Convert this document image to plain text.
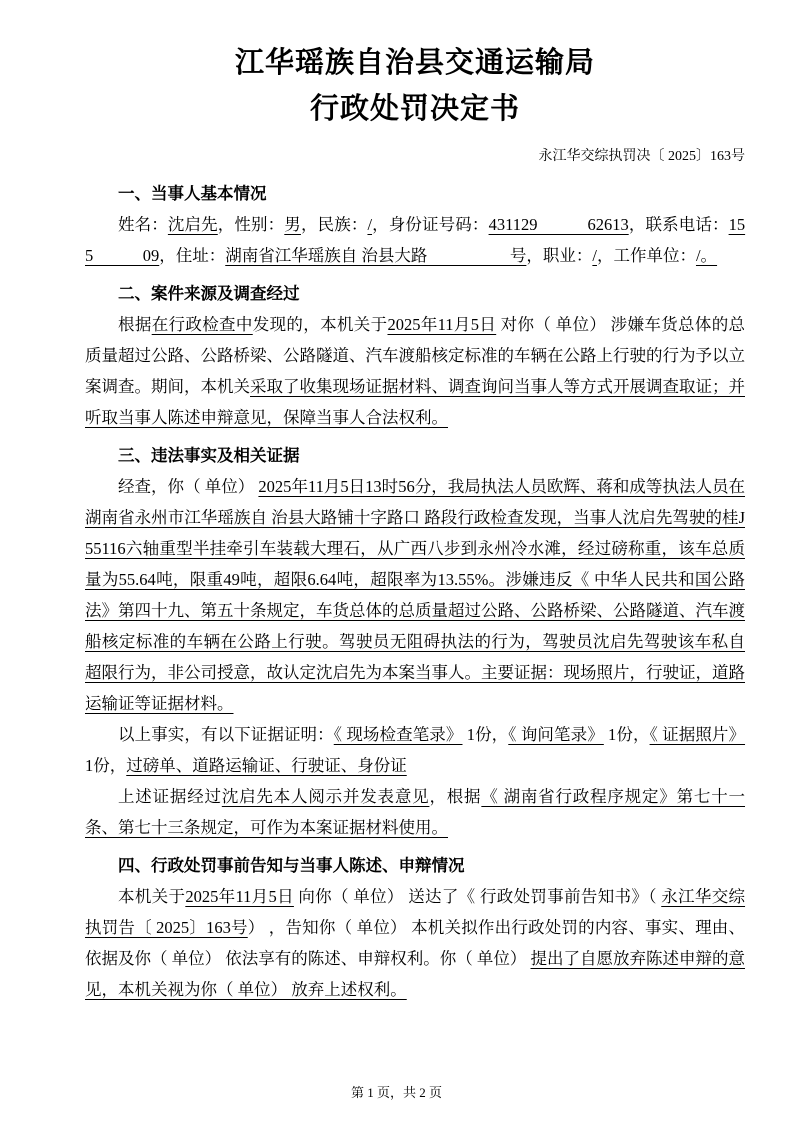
江华瑶族自治县交通运输局
行政处罚决定书
永江华交综执罚决〔 2025〕163号
一、当事人基本情况

姓名：沈启先，性别：男，民族：/，身份证号码：431129　　　62613，联系电话：155　　　09，住址：湖南省江华瑶族自 治县大路　　　　　号，职业：/，工作单位：/。

二、案件来源及调查经过

根据在行政检查中发现的，本机关于2025年11月5日 对你（ 单位） 涉嫌车货总体的总质量超过公路、公路桥梁、公路隧道、汽车渡船核定标准的车辆在公路上行驶的行为予以立案调查。期间，本机关采取了收集现场证据材料、调查询问当事人等方式开展调查取证；并听取当事人陈述申辩意见，保障当事人合法权利。

三、违法事实及相关证据

经查，你（ 单位） 2025年11月5日13时56分，我局执法人员欧辉、蒋和成等执法人员在湖南省永州市江华瑶族自 治县大路铺十字路口 路段行政检查发现，当事人沈启先驾驶的桂J55116六轴重型半挂牵引车装载大理石，从广西八步到永州冷水滩，经过磅称重，该车总质量为55.64吨，限重49吨，超限6.64吨，超限率为13.55%。涉嫌违反《 中华人民共和国公路法》第四十九、第五十条规定，车货总体的总质量超过公路、公路桥梁、公路隧道、汽车渡船核定标准的车辆在公路上行驶。驾驶员无阻碍执法的行为，驾驶员沈启先驾驶该车私自 超限行为，非公司授意，故认定沈启先为本案当事人。主要证据：现场照片，行驶证，道路运输证等证据材料。

以上事实，有以下证据证明：《 现场检查笔录》 1份，《 询问笔录》 1份，《 证据照片》 1份，过磅单、道路运输证、行驶证、身份证

上述证据经过沈启先本人阅示并发表意见，根据《 湖南省行政程序规定》第七十一条、第七十三条规定，可作为本案证据材料使用。

四、行政处罚事前告知与当事人陈述、申辩情况

本机关于2025年11月5日 向你（ 单位） 送达了《 行政处罚事前告知书》（ 永江华交综执罚告〔 2025〕163号） ，告知你（ 单位） 本机关拟作出行政处罚的内容、事实、理由、依据及你（ 单位） 依法享有的陈述、申辩权利。你（ 单位） 提出了自愿放弃陈述申辩的意见，本机关视为你（ 单位） 放弃上述权利。

第 1 页，共 2 页
